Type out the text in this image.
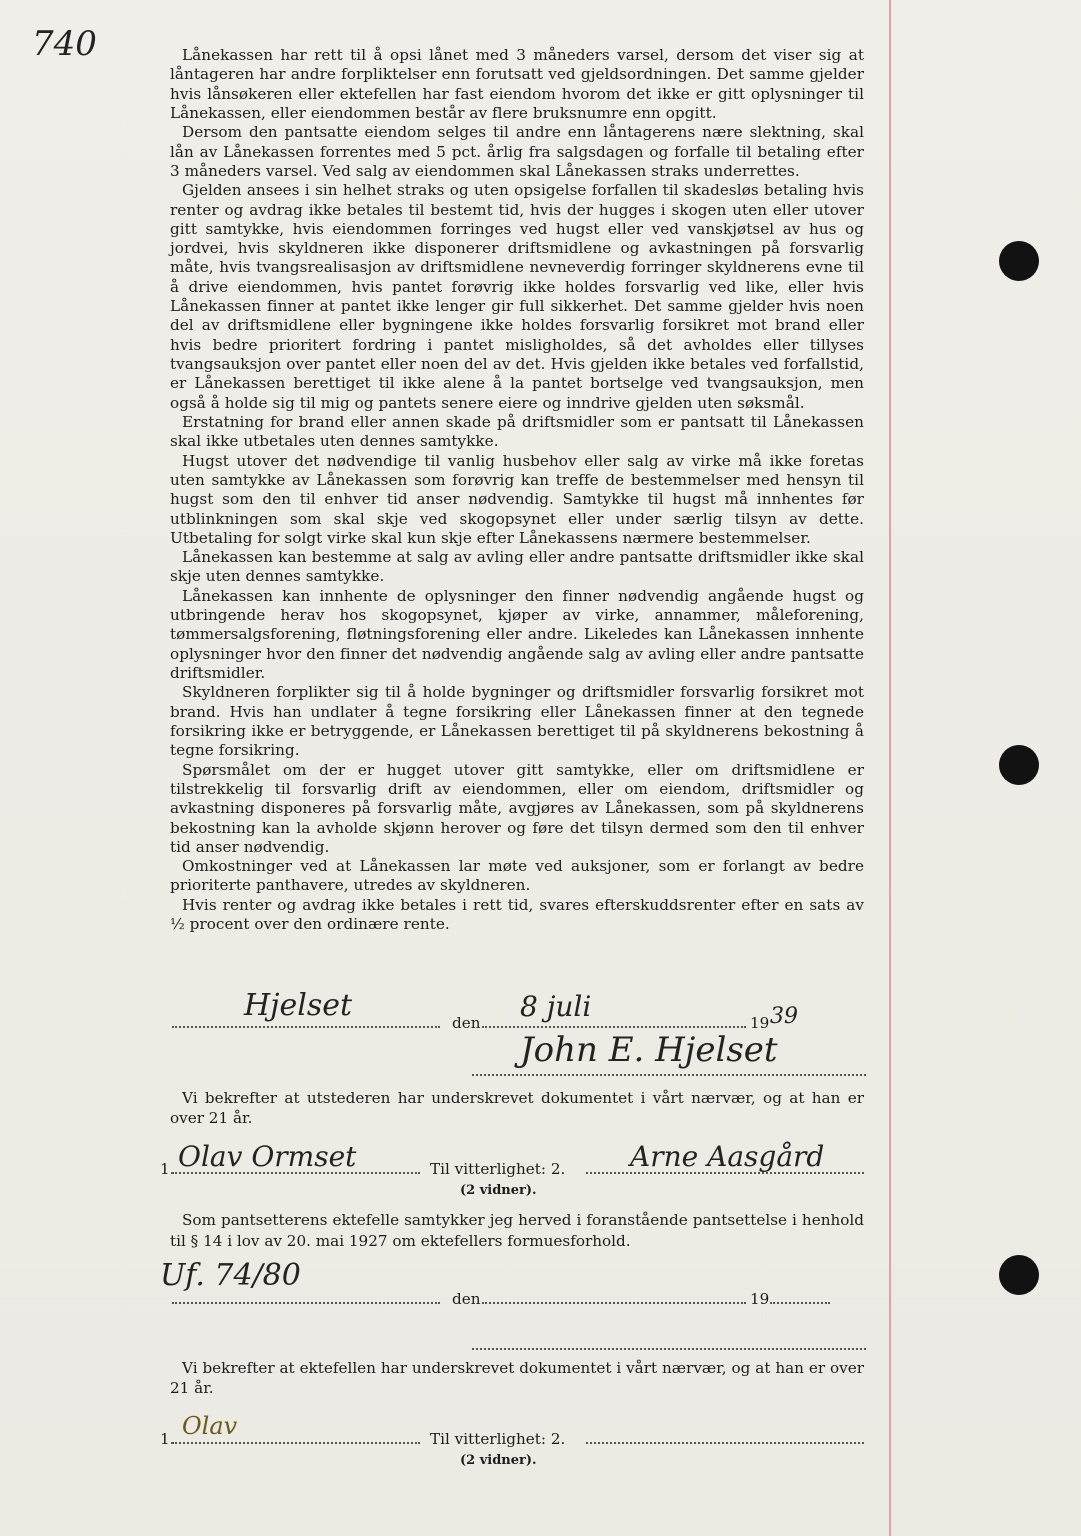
740	Lånekassen har rett til å opsi lånet med 3 måneders varsel, dersom det viser sig at låntageren har andre forpliktelser enn forutsatt ved gjeldsordningen. Det samme gjelder hvis lånsøkeren eller ektefellen har fast eiendom hvorom det ikke er gitt oplysninger til Lånekassen, eller eiendommen består av flere bruksnumre enn opgitt.

Dersom den pantsatte eiendom selges til andre enn låntagerens nære slektning, skal lån av Lånekassen forrentes med 5 pct. årlig fra salgsdagen og forfalle til betaling efter 3 måneders varsel. Ved salg av eiendommen skal Lånekassen straks underrettes.

Gjelden ansees i sin helhet straks og uten opsigelse forfallen til skadesløs betaling hvis renter og avdrag ikke betales til bestemt tid, hvis der hugges i skogen uten eller utover gitt samtykke, hvis eiendommen forringes ved hugst eller ved vanskjøtsel av hus og jordvei, hvis skyldneren ikke disponerer driftsmidlene og avkastningen på forsvarlig måte, hvis tvangsrealisasjon av driftsmidlene nevneverdig forringer skyldnerens evne til å drive eiendommen, hvis pantet forøvrig ikke holdes forsvarlig ved like, eller hvis Lånekassen finner at pantet ikke lenger gir full sikkerhet. Det samme gjelder hvis noen del av driftsmidlene eller bygningene ikke holdes forsvarlig forsikret mot brand eller hvis bedre prioritert fordring i pantet misligholdes, så det avholdes eller tillyses tvangsauksjon over pantet eller noen del av det. Hvis gjelden ikke betales ved forfallstid, er Lånekassen berettiget til ikke alene å la pantet bortselge ved tvangsauksjon, men også å holde sig til mig og pantets senere eiere og inndrive gjelden uten søksmål.

Erstatning for brand eller annen skade på driftsmidler som er pantsatt til Lånekassen skal ikke utbetales uten dennes samtykke.

Hugst utover det nødvendige til vanlig husbehov eller salg av virke må ikke foretas uten samtykke av Lånekassen som forøvrig kan treffe de bestemmelser med hensyn til hugst som den til enhver tid anser nødvendig. Samtykke til hugst må innhentes før utblinkningen som skal skje ved skogopsynet eller under særlig tilsyn av dette. Utbetaling for solgt virke skal kun skje efter Lånekassens nærmere bestemmelser.

Lånekassen kan bestemme at salg av avling eller andre pantsatte driftsmidler ikke skal skje uten dennes samtykke.

Lånekassen kan innhente de oplysninger den finner nødvendig angående hugst og utbringende herav hos skogopsynet, kjøper av virke, annammer, måleforening, tømmersalgsforening, fløtningsforening eller andre. Likeledes kan Lånekassen innhente oplysninger hvor den finner det nødvendig angående salg av avling eller andre pantsatte driftsmidler.

Skyldneren forplikter sig til å holde bygninger og driftsmidler forsvarlig forsikret mot brand. Hvis han undlater å tegne forsikring eller Lånekassen finner at den tegnede forsikring ikke er betryggende, er Lånekassen berettiget til på skyldnerens bekostning å tegne forsikring.

Spørsmålet om der er hugget utover gitt samtykke, eller om driftsmidlene er tilstrekkelig til forsvarlig drift av eiendommen, eller om eiendom, driftsmidler og avkastning disponeres på forsvarlig måte, avgjøres av Lånekassen, som på skyldnerens bekostning kan la avholde skjønn herover og føre det tilsyn dermed som den til enhver tid anser nødvendig.

Omkostninger ved at Lånekassen lar møte ved auksjoner, som er forlangt av bedre prioriterte panthavere, utredes av skyldneren.

Hvis renter og avdrag ikke betales i rett tid, svares efterskuddsrenter efter en sats av ½ procent over den ordinære rente.

Hjelset	den 8 juli	19 39
John E. Hjelset
Vi bekrefter at utstederen har underskrevet dokumentet i vårt nærvær, og at han er over 21 år.
1. Olav Ormset	Til vitterlighet: 2. Arne Aasgård
(2 vidner).
Som pantsetterens ektefelle samtykker jeg herved i foranstående pantsettelse i henhold til § 14 i lov av 20. mai 1927 om ektefellers formuesforhold.
Uf. 74/80
den	19
Vi bekrefter at ektefellen har underskrevet dokumentet i vårt nærvær, og at han er over 21 år.
1. Olav	Til vitterlighet: 2.
(2 vidner).
